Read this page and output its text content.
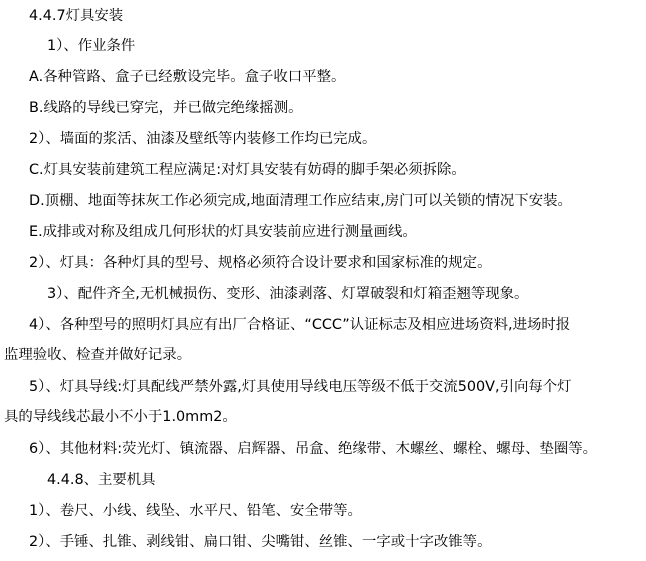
4.4.7灯具安装
1）、作业条件
A.各种管路、盒子已经敷设完毕。盒子收口平整。
B.线路的导线已穿完，并已做完绝缘摇测。
2）、墙面的浆活、油漆及壁纸等内装修工作均已完成。
C.灯具安装前建筑工程应满足:对灯具安装有妨碍的脚手架必须拆除。
D.顶棚、地面等抹灰工作必须完成,地面清理工作应结束,房门可以关锁的情况下安装。
E.成排或对称及组成几何形状的灯具安装前应进行测量画线。
2）、灯具：各种灯具的型号、规格必须符合设计要求和国家标准的规定。
3）、配件齐全,无机械损伤、变形、油漆剥落、灯罩破裂和灯箱歪翘等现象。
4）、各种型号的照明灯具应有出厂合格证、“CCC”认证标志及相应进场资料,进场时报
监理验收、检查并做好记录。
5）、灯具导线:灯具配线严禁外露,灯具使用导线电压等级不低于交流500V,引向每个灯
具的导线线芯最小不小于1.0mm2。
6）、其他材料:荧光灯、镇流器、启辉器、吊盒、绝缘带、木螺丝、螺栓、螺母、垫圈等。
4.4.8、主要机具
1）、卷尺、小线、线坠、水平尺、铅笔、安全带等。
2）、手锤、扎锥、剥线钳、扁口钳、尖嘴钳、丝锥、一字或十字改锥等。
